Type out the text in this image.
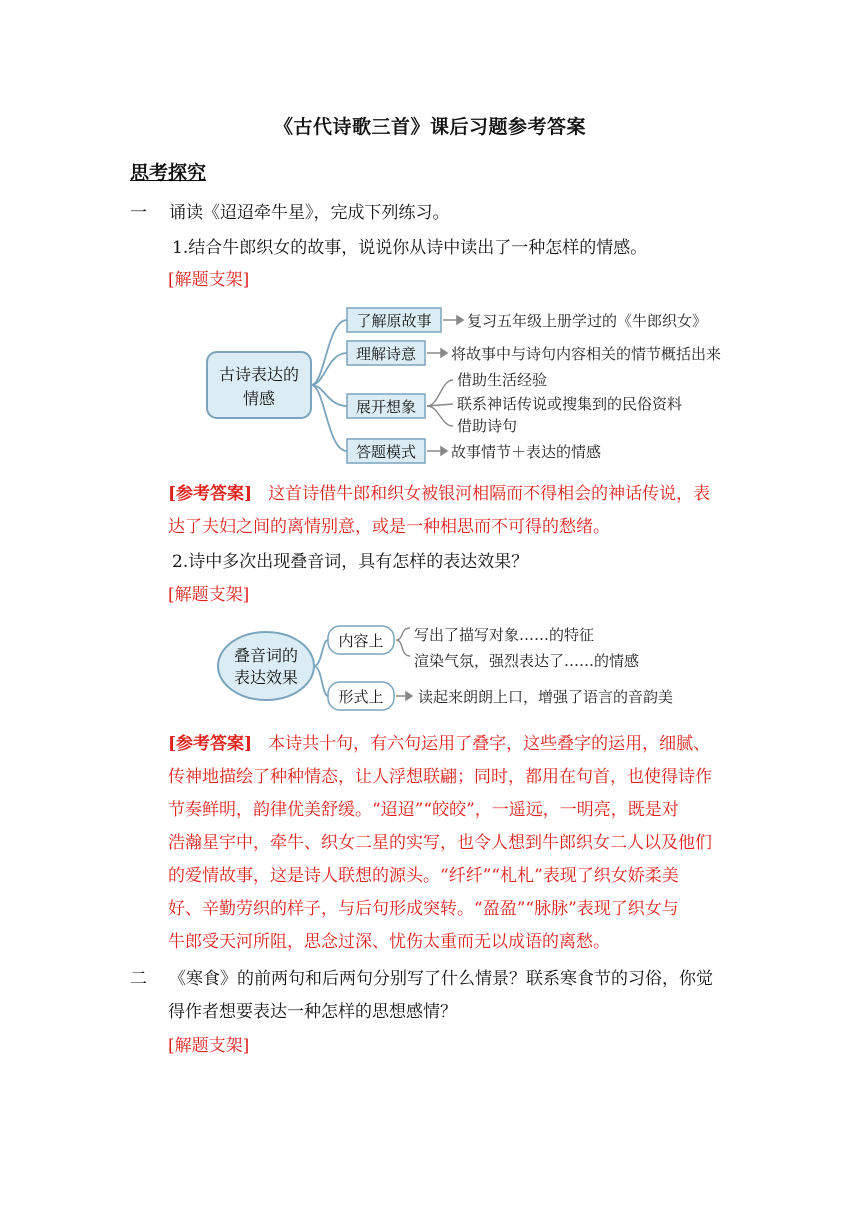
《古代诗歌三首》课后习题参考答案
思考探究
一 诵读《迢迢牵牛星》，完成下列练习。
1.结合牛郎织女的故事，说说你从诗中读出了一种怎样的情感。
[解题支架]
古诗表达的
情感
了解原故事
理解诗意
展开想象
答题模式
复习五年级上册学过的《牛郎织女》
将故事中与诗句内容相关的情节概括出来
借助生活经验
联系神话传说或搜集到的民俗资料
借助诗句
故事情节＋表达的情感

[参考答案] 这首诗借牛郎和织女被银河相隔而不得相会的神话传说，表

达了夫妇之间的离情别意，或是一种相思而不可得的愁绪。

2.诗中多次出现叠音词，具有怎样的表达效果？
[解题支架]
叠音词的
表达效果
内容上
形式上
写出了描写对象……的特征
渲染气氛，强烈表达了……的情感
读起来朗朗上口，增强了语言的音韵美

[参考答案] 本诗共十句，有六句运用了叠字，这些叠字的运用，细腻、

传神地描绘了种种情态，让人浮想联翩；同时，都用在句首，也使得诗作

节奏鲜明，韵律优美舒缓。“迢迢”“皎皎”，一遥远，一明亮，既是对

浩瀚星宇中，牵牛、织女二星的实写，也令人想到牛郎织女二人以及他们

的爱情故事，这是诗人联想的源头。“纤纤”“札札”表现了织女娇柔美

好、辛勤劳织的样子，与后句形成突转。“盈盈”“脉脉”表现了织女与

牛郎受天河所阻，思念过深、忧伤太重而无以成语的离愁。

二 《寒食》的前两句和后两句分别写了什么情景？联系寒食节的习俗，你觉
得作者想要表达一种怎样的思想感情？
[解题支架]
